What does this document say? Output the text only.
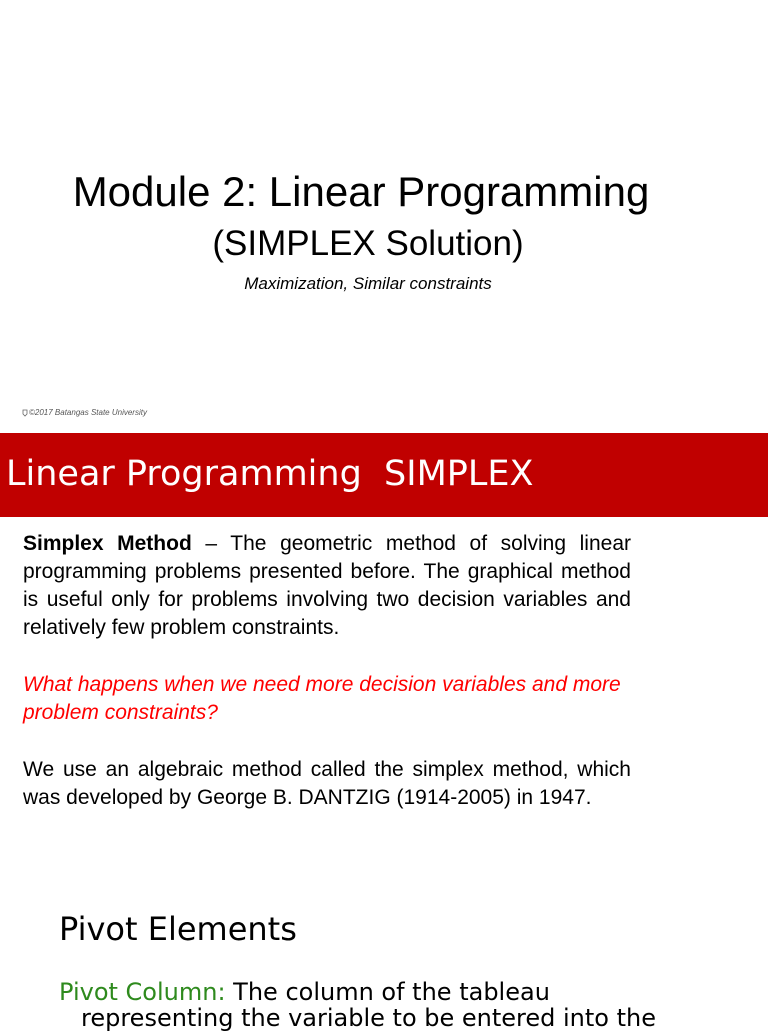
Module 2: Linear Programming
(SIMPLEX Solution)
Maximization, Similar constraints
©2017 Batangas State University
Linear Programming  SIMPLEX

Simplex Method – The geometric method of solving linear programming problems presented before. The graphical method is useful only for problems involving two decision variables and relatively few problem constraints.

What happens when we need more decision variables and more problem constraints?

We use an algebraic method called the simplex method, which was developed by George B. DANTZIG (1914-2005) in 1947.

Pivot Elements
Pivot Column: The column of the tableau
representing the variable to be entered into the
